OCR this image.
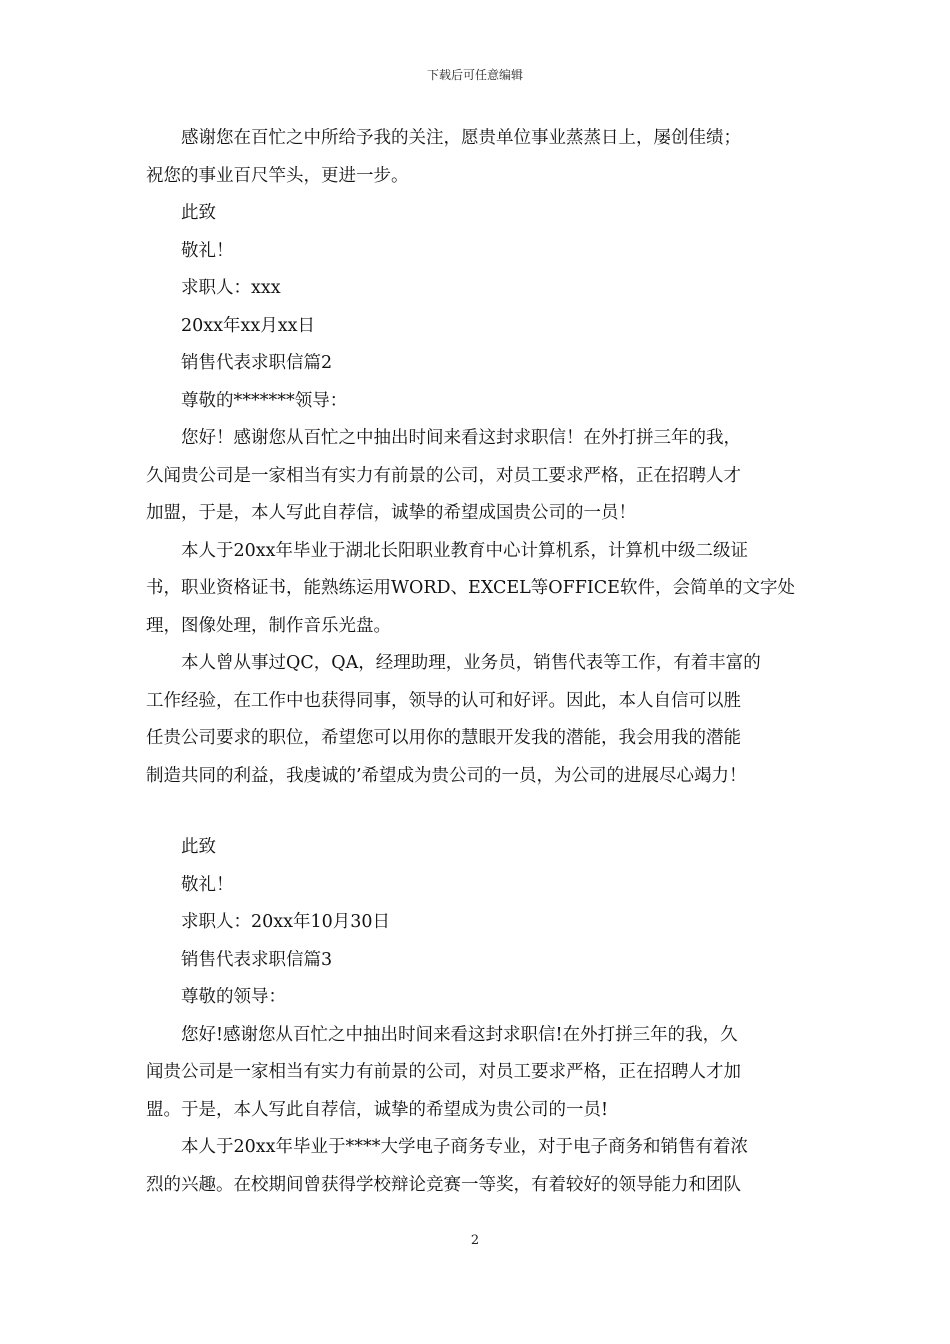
下载后可任意编辑
感谢您在百忙之中所给予我的关注，愿贵单位事业蒸蒸日上，屡创佳绩；
祝您的事业百尺竿头，更进一步。
此致
敬礼！
求职人：xxx
20xx年xx月xx日
销售代表求职信篇2
尊敬的*******领导：
您好！感谢您从百忙之中抽出时间来看这封求职信！在外打拼三年的我，
久闻贵公司是一家相当有实力有前景的公司，对员工要求严格，正在招聘人才
加盟，于是，本人写此自荐信，诚挚的希望成国贵公司的一员！
本人于20xx年毕业于湖北长阳职业教育中心计算机系，计算机中级二级证
书，职业资格证书，能熟练运用WORD、EXCEL等OFFICE软件，会简单的文字处
理，图像处理，制作音乐光盘。
本人曾从事过QC，QA，经理助理，业务员，销售代表等工作，有着丰富的
工作经验，在工作中也获得同事，领导的认可和好评。因此，本人自信可以胜
任贵公司要求的职位，希望您可以用你的慧眼开发我的潜能，我会用我的潜能
制造共同的利益，我虔诚的’希望成为贵公司的一员，为公司的进展尽心竭力！
此致
敬礼！
求职人：20xx年10月30日
销售代表求职信篇3
尊敬的领导：
您好!感谢您从百忙之中抽出时间来看这封求职信!在外打拼三年的我，久
闻贵公司是一家相当有实力有前景的公司，对员工要求严格，正在招聘人才加
盟。于是，本人写此自荐信，诚挚的希望成为贵公司的一员!
本人于20xx年毕业于****大学电子商务专业，对于电子商务和销售有着浓
烈的兴趣。在校期间曾获得学校辩论竞赛一等奖，有着较好的领导能力和团队
2
